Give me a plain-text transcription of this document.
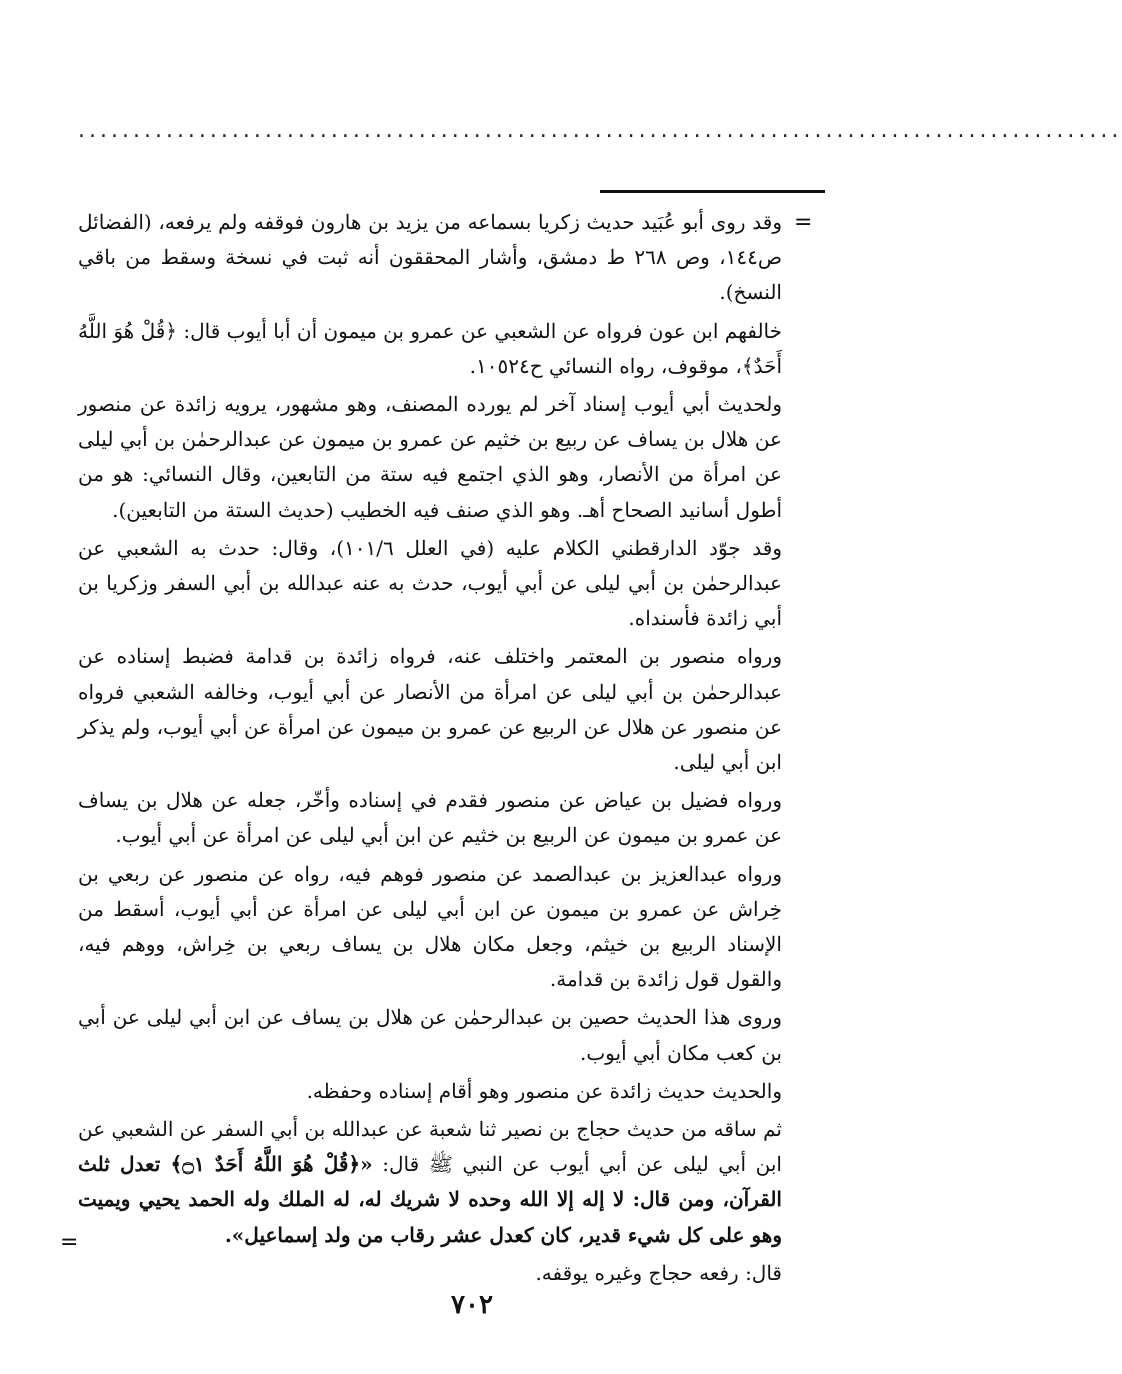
...............................................................................................
=

وقد روى أبو عُبَيد حديث زكريا بسماعه من يزيد بن هارون فوقفه ولم يرفعه، (الفضائل ص١٤٤، وص ٢٦٨ ط دمشق، وأشار المحققون أنه ثبت في نسخة وسقط من باقي النسخ).

خالفهم ابن عون فرواه عن الشعبي عن عمرو بن ميمون أن أبا أيوب قال: ﴿قُلْ هُوَ اللَّهُ أَحَدٌ﴾، موقوف، رواه النسائي ح١٠٥٢٤.

ولحديث أبي أيوب إسناد آخر لم يورده المصنف، وهو مشهور، يرويه زائدة عن منصور عن هلال بن يساف عن ربيع بن خثيم عن عمرو بن ميمون عن عبدالرحمٰن بن أبي ليلى عن امرأة من الأنصار، وهو الذي اجتمع فيه ستة من التابعين، وقال النسائي: هو من أطول أسانيد الصحاح أهـ. وهو الذي صنف فيه الخطيب (حديث الستة من التابعين).

وقد جوّد الدارقطني الكلام عليه (في العلل ١٠١/٦)، وقال: حدث به الشعبي عن عبدالرحمٰن بن أبي ليلى عن أبي أيوب، حدث به عنه عبدالله بن أبي السفر وزكريا بن أبي زائدة فأسنداه.

ورواه منصور بن المعتمر واختلف عنه، فرواه زائدة بن قدامة فضبط إسناده عن عبدالرحمٰن بن أبي ليلى عن امرأة من الأنصار عن أبي أيوب، وخالفه الشعبي فرواه عن منصور عن هلال عن الربيع عن عمرو بن ميمون عن امرأة عن أبي أيوب، ولم يذكر ابن أبي ليلى.

ورواه فضيل بن عياض عن منصور فقدم في إسناده وأخّر، جعله عن هلال بن يساف عن عمرو بن ميمون عن الربيع بن خثيم عن ابن أبي ليلى عن امرأة عن أبي أيوب.

ورواه عبدالعزيز بن عبدالصمد عن منصور فوهم فيه، رواه عن منصور عن ربعي بن خِراش عن عمرو بن ميمون عن ابن أبي ليلى عن امرأة عن أبي أيوب، أسقط من الإسناد الربيع بن خيثم، وجعل مكان هلال بن يساف ربعي بن خِراش، ووهم فيه، والقول قول زائدة بن قدامة.

وروى هذا الحديث حصين بن عبدالرحمٰن عن هلال بن يساف عن ابن أبي ليلى عن أبي بن كعب مكان أبي أيوب.

والحديث حديث زائدة عن منصور وهو أقام إسناده وحفظه.

ثم ساقه من حديث حجاج بن نصير ثنا شعبة عن عبدالله بن أبي السفر عن الشعبي عن ابن أبي ليلى عن أبي أيوب عن النبي ﷺ قال: «﴿قُلْ هُوَ اللَّهُ أَحَدٌ ۝١﴾ تعدل ثلث القرآن، ومن قال: لا إله إلا الله وحده لا شريك له، له الملك وله الحمد يحيي ويميت وهو على كل شيء قدير، كان كعدل عشر رقاب من ولد إسماعيل».

قال: رفعه حجاج وغيره يوقفه.

=
٧٠٢
